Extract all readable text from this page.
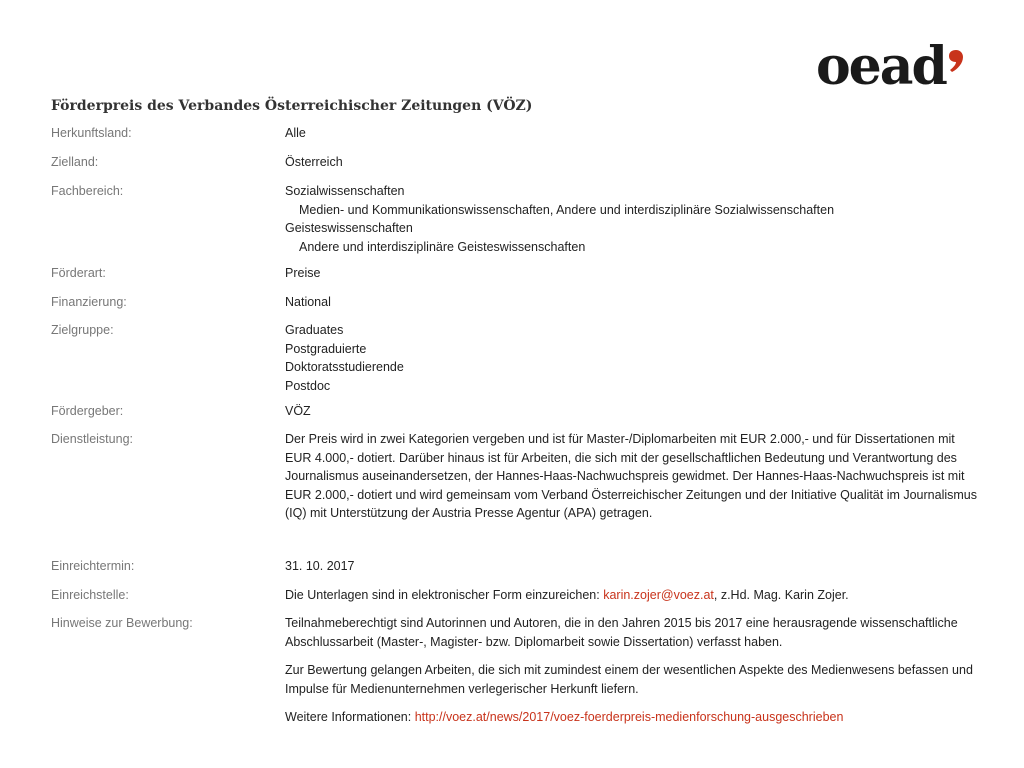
oead
Förderpreis des Verbandes Österreichischer Zeitungen (VÖZ)
Herkunftsland:	Alle
Zielland:	Österreich
Fachbereich:	Sozialwissenschaften
Medien- und Kommunikationswissenschaften, Andere und interdisziplinäre Sozialwissenschaften
Geisteswissenschaften
Andere und interdisziplinäre Geisteswissenschaften
Förderart:	Preise
Finanzierung:	National
Zielgruppe:	Graduates
Postgraduierte
Doktoratsstudierende
Postdoc
Fördergeber:	VÖZ
Dienstleistung:	Der Preis wird in zwei Kategorien vergeben und ist für Master-/Diplomarbeiten mit EUR 2.000,- und für Dissertationen mit EUR 4.000,- dotiert. Darüber hinaus ist für Arbeiten, die sich mit der gesellschaftlichen Bedeutung und Verantwortung des Journalismus auseinandersetzen, der Hannes-Haas-Nachwuchspreis gewidmet. Der Hannes-Haas-Nachwuchspreis ist mit EUR 2.000,- dotiert und wird gemeinsam vom Verband Österreichischer Zeitungen und der Initiative Qualität im Journalismus (IQ) mit Unterstützung der Austria Presse Agentur (APA) getragen.
Einreichtermin:	31. 10. 2017
Einreichstelle:	Die Unterlagen sind in elektronischer Form einzureichen: karin.zojer@voez.at, z.Hd. Mag. Karin Zojer.
Hinweise zur Bewerbung:	Teilnahmeberechtigt sind Autorinnen und Autoren, die in den Jahren 2015 bis 2017 eine herausragende wissenschaftliche Abschlussarbeit (Master-, Magister- bzw. Diplomarbeit sowie Dissertation) verfasst haben.

Zur Bewertung gelangen Arbeiten, die sich mit zumindest einem der wesentlichen Aspekte des Medienwesens befassen und Impulse für Medienunternehmen verlegerischer Herkunft liefern.

Weitere Informationen: http://voez.at/news/2017/voez-foerderpreis-medienforschung-ausgeschrieben
